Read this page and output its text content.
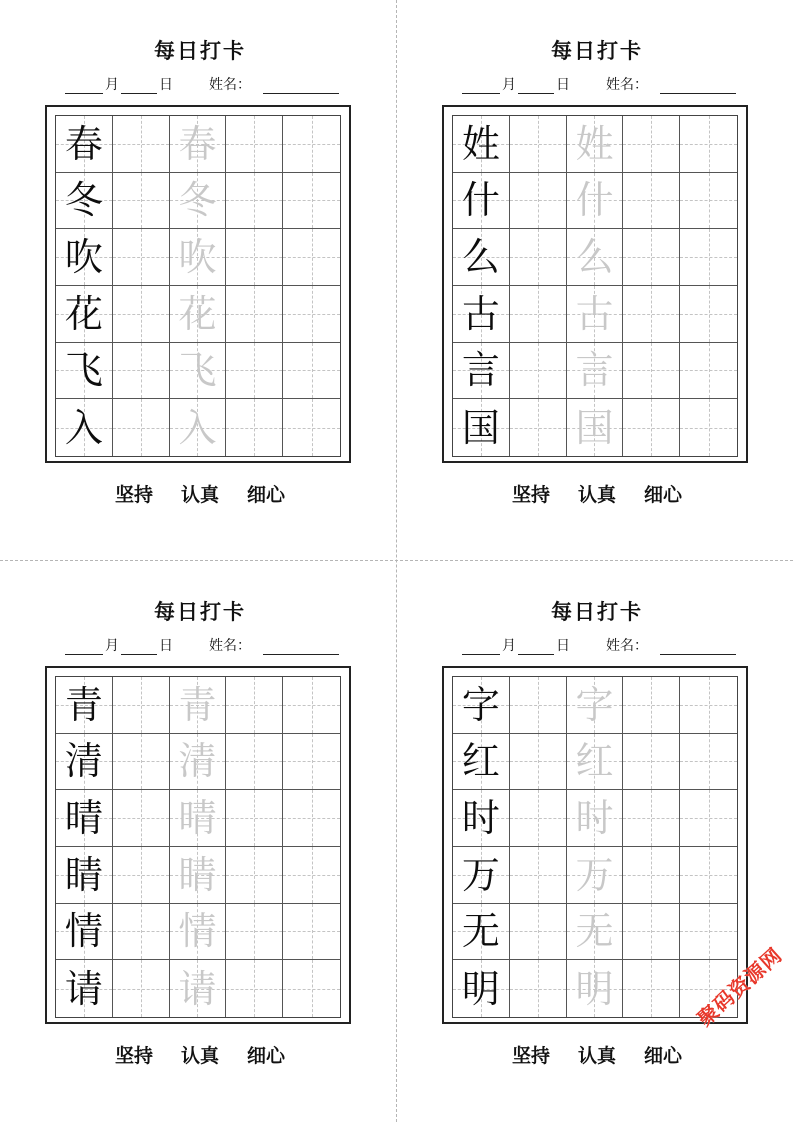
每日打卡
月	日	姓名：
春 春
冬 冬
吹 吹
花 花
飞 飞
入 入
坚持 认真 细心
每日打卡
月	日	姓名：
姓 姓
什 什
么 么
古 古
言 言
国 国
坚持 认真 细心
每日打卡
月	日	姓名：
青 青
清 清
晴 晴
睛 睛
情 情
请 请
坚持 认真 细心
每日打卡
月	日	姓名：
字 字
红 红
时 时
万 万
无 无
明 明
坚持 认真 细心
聚码资源网
